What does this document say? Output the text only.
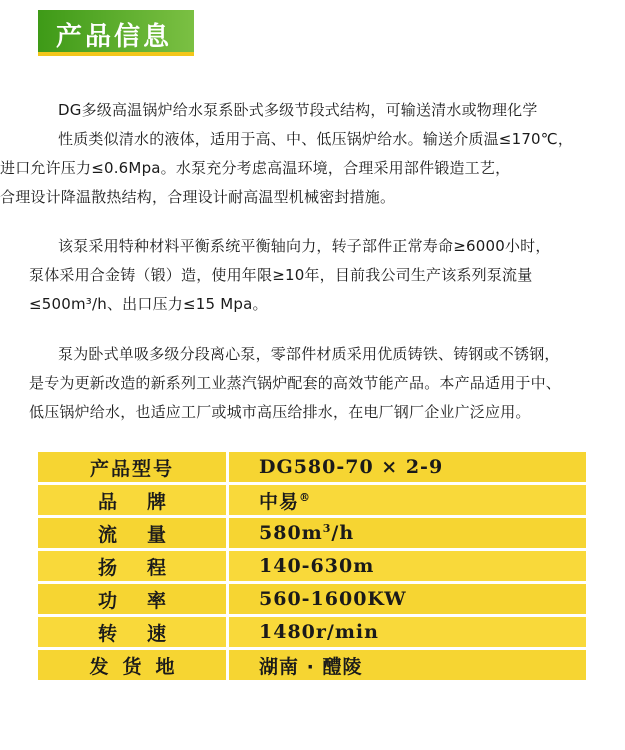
产品信息
DG多级高温锅炉给水泵系卧式多级节段式结构，可输送清水或物理化学
性质类似清水的液体，适用于高、中、低压锅炉给水。输送介质温≤170℃，
进口允许压力≤0.6Mpa。水泵充分考虑高温环境，合理采用部件锻造工艺，
合理设计降温散热结构，合理设计耐高温型机械密封措施。
该泵采用特种材料平衡系统平衡轴向力，转子部件正常寿命≥6000小时，
泵体采用合金铸（锻）造，使用年限≥10年，目前我公司生产该系列泵流量
≤500m³/h、出口压力≤15 Mpa。
泵为卧式单吸多级分段离心泵，零部件材质采用优质铸铁、铸钢或不锈钢，
是专为更新改造的新系列工业蒸汽锅炉配套的高效节能产品。本产品适用于中、
低压锅炉给水，也适应工厂或城市高压给排水，在电厂钢厂企业广泛应用。
产品型号	DG580-70 × 2-9
品牌	中易®
流量	$580m^3/h$
扬程	140-630m
功率	560-1600KW
转速	1480r/min
发货地	湖南 · 醴陵
